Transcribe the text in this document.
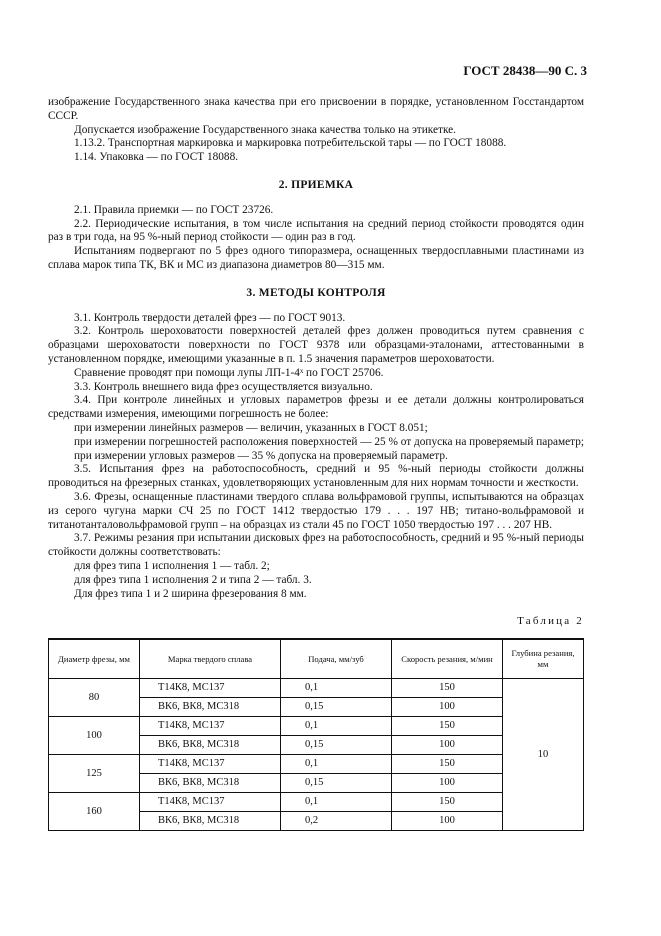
ГОСТ 28438—90 С. 3

изображение Государственного знака качества при его присвоении в порядке, установленном Госстандартом СССР.

Допускается изображение Государственного знака качества только на этикетке.

1.13.2. Транспортная маркировка и маркировка потребительской тары — по ГОСТ 18088.

1.14. Упаковка — по ГОСТ 18088.

2. ПРИЕМКА

2.1. Правила приемки — по ГОСТ 23726.

2.2. Периодические испытания, в том числе испытания на средний период стойкости проводятся один раз в три года, на 95 %-ный период стойкости — один раз в год.

Испытаниям подвергают по 5 фрез одного типоразмера, оснащенных твердосплавными пластинами из сплава марок типа ТК, ВК и МС из диапазона диаметров 80—315 мм.

3. МЕТОДЫ КОНТРОЛЯ

3.1. Контроль твердости деталей фрез — по ГОСТ 9013.

3.2. Контроль шероховатости поверхностей деталей фрез должен проводиться путем сравнения с образцами шероховатости поверхности по ГОСТ 9378 или образцами-эталонами, аттестованными в установленном порядке, имеющими указанные в п. 1.5 значения параметров шероховатости.

Сравнение проводят при помощи лупы ЛП-1-4ˣ по ГОСТ 25706.

3.3. Контроль внешнего вида фрез осуществляется визуально.

3.4. При контроле линейных и угловых параметров фрезы и ее детали должны контролироваться средствами измерения, имеющими погрешность не более:

при измерении линейных размеров — величин, указанных в ГОСТ 8.051;

при измерении погрешностей расположения поверхностей — 25 % от допуска на проверяемый параметр;

при измерении угловых размеров — 35 % допуска на проверяемый параметр.

3.5. Испытания фрез на работоспособность, средний и 95 %-ный периоды стойкости должны проводиться на фрезерных станках, удовлетворяющих установленным для них нормам точности и жесткости.

3.6. Фрезы, оснащенные пластинами твердого сплава вольфрамовой группы, испытываются на образцах из серого чугуна марки СЧ 25 по ГОСТ 1412 твердостью 179 . . . 197 HB; титано-вольфрамовой и титанотанталовольфрамовой групп – на образцах из стали 45 по ГОСТ 1050 твердостью 197 . . . 207 HB.

3.7. Режимы резания при испытании дисковых фрез на работоспособность, средний и 95 %-ный периоды стойкости должны соответствовать:

для фрез типа 1 исполнения 1 — табл. 2;

для фрез типа 1 исполнения 2 и типа 2 — табл. 3.

Для фрез типа 1 и 2 ширина фрезерования 8 мм.

Таблица 2
Диаметр фрезы, мм	Марка твердого сплава	Подача, мм/зуб	Скорость резания, м/мин	Глубина резания, мм
80	Т14К8, МС137	0,1	150	10
	ВК6, ВК8, МС318	0,15	100	
100	Т14К8, МС137	0,1	150	
	ВК6, ВК8, МС318	0,15	100	
125	Т14К8, МС137	0,1	150	
	ВК6, ВК8, МС318	0,15	100	
160	Т14К8, МС137	0,1	150	
	ВК6, ВК8, МС318	0,2	100	
